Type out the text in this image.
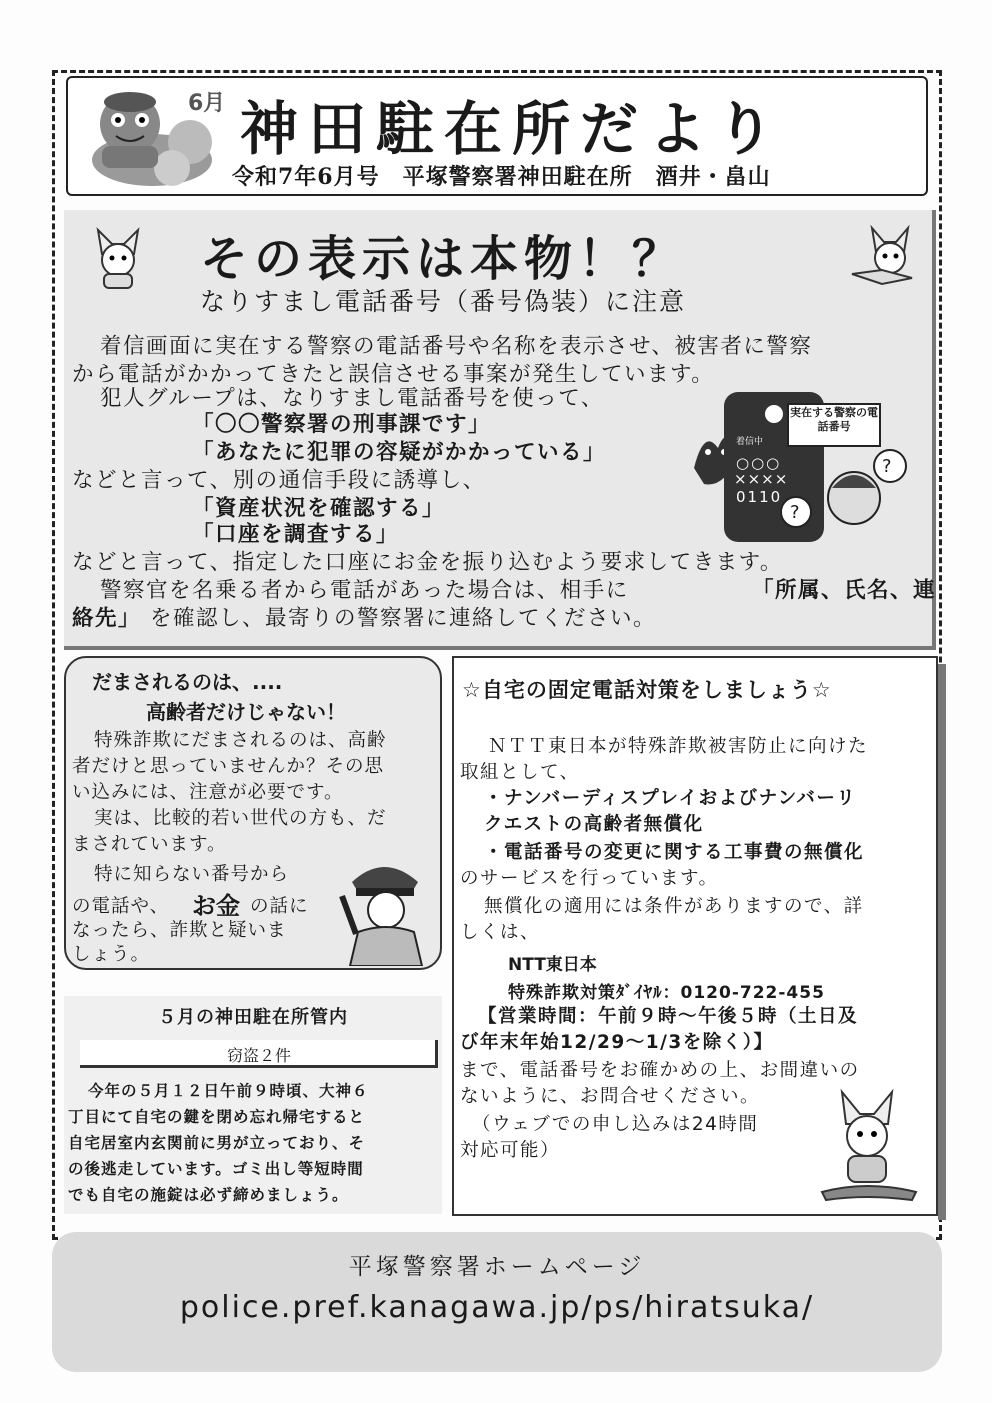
6月 神田駐在所だより
令和7年6月号　平塚警察署神田駐在所　酒井・畠山
その表示は本物！？
なりすまし電話番号（番号偽装）に注意
着信画面に実在する警察の電話番号や名称を表示させ、被害者に警察
から電話がかかってきたと誤信させる事案が発生しています。
犯人グループは、なりすまし電話番号を使って、
「〇〇警察署の刑事課です」
「あなたに犯罪の容疑がかかっている」
などと言って、別の通信手段に誘導し、
「資産状況を確認する」
「口座を調査する」
などと言って、指定した口座にお金を振り込むよう要求してきます。
警察官を名乗る者から電話があった場合は、相手に	「所属、氏名、連
絡先」 を確認し、最寄りの警察署に連絡してください。
着信中
○○○
××××
0110
実在する警察の電話番号
?
?
だまされるのは、....
高齢者だけじゃない！
特殊詐欺にだまされるのは、高齢
者だけと思っていませんか？その思
い込みには、注意が必要です。
実は、比較的若い世代の方も、だ
まされています。
特に知らない番号から
の電話や、 お金 の話に
なったら、詐欺と疑いま
しょう。
５月の神田駐在所管内
窃盗２件
今年の５月１２日午前９時頃、大神６
丁目にて自宅の鍵を閉め忘れ帰宅すると
自宅居室内玄関前に男が立っており、そ
の後逃走しています。ゴミ出し等短時間
でも自宅の施錠は必ず締めましょう。
☆自宅の固定電話対策をしましょう☆
ＮＴＴ東日本が特殊詐欺被害防止に向けた
取組として、
・ナンバーディスプレイおよびナンバーリ
クエストの高齢者無償化
・電話番号の変更に関する工事費の無償化
のサービスを行っています。
無償化の適用には条件がありますので、詳
しくは、
NTT東日本
特殊詐欺対策ﾀﾞｲﾔﾙ：0120-722-455
【営業時間：午前９時～午後５時（土日及
び年末年始12/29～1/3を除く）】
まで、電話番号をお確かめの上、お間違いの
ないように、お問合せください。
（ウェブでの申し込みは24時間
対応可能）
平塚警察署ホームページ
police.pref.kanagawa.jp/ps/hiratsuka/
